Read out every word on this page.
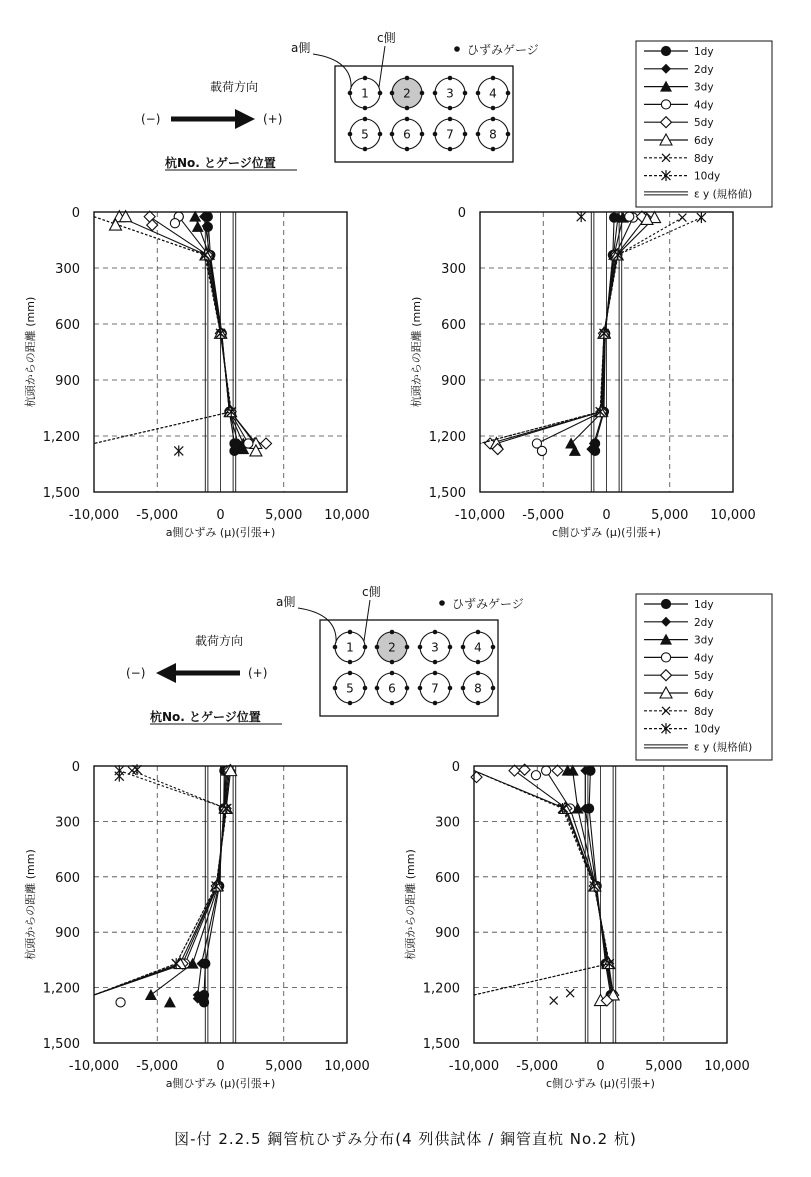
1	2	3	4
5	6	7	8
a側
c側
ひずみゲージ
載荷方向
(−)	(+)
杭No. とゲージ位置
1dy
2dy
3dy
4dy
5dy
6dy
8dy
10dy
ε y (規格値)
-10,000 -5,000	0	5,000 10,000
0
300
600
900
1,200
1,500
a側ひずみ (μ)(引張+)
杭頭からの距離 (mm)
-10,000 -5,000	0	5,000 10,000
0
300
600
900
1,200
1,500
c側ひずみ (μ)(引張+)
杭頭からの距離 (mm)
1	2	3	4
5	6	7	8
a側
c側
ひずみゲージ
載荷方向
(−)	(+)
杭No. とゲージ位置
1dy
2dy
3dy
4dy
5dy
6dy
8dy
10dy
ε y (規格値)
-10,000 -5,000	0	5,000 10,000
0
300
600
900
1,200
1,500
a側ひずみ (μ)(引張+)
杭頭からの距離 (mm)
-10,000 -5,000	0	5,000 10,000
0
300
600
900
1,200
1,500
c側ひずみ (μ)(引張+)
杭頭からの距離 (mm)
図-付 2.2.5 鋼管杭ひずみ分布(4 列供試体 / 鋼管直杭 No.2 杭)
